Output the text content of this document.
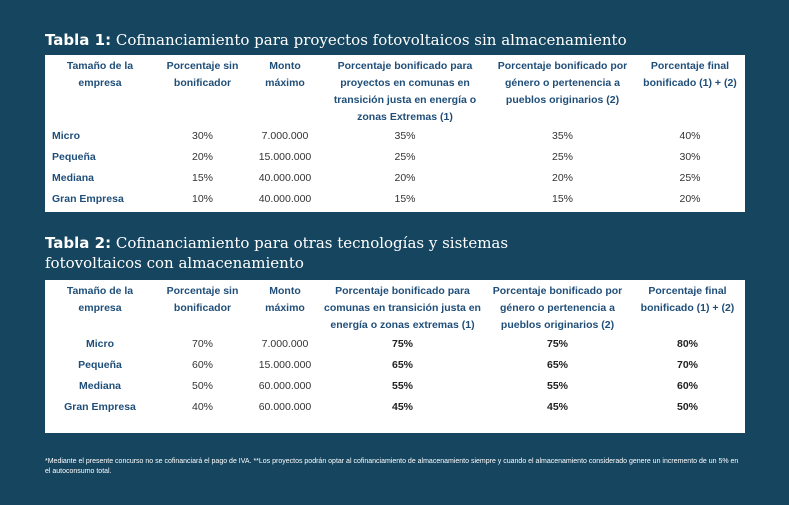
Tabla 1: Cofinanciamiento para proyectos fotovoltaicos sin almacenamiento
Tamaño de la empresa	Porcentaje sin bonificador	Monto máximo	Porcentaje bonificado para proyectos en comunas en transición justa en energía o zonas Extremas (1)	Porcentaje bonificado por género o pertenencia a pueblos originarios (2)	Porcentaje final bonificado (1) + (2)
Micro	30%	7.000.000	35%	35%	40%
Pequeña	20%	15.000.000	25%	25%	30%
Mediana	15%	40.000.000	20%	20%	25%
Gran Empresa	10%	40.000.000	15%	15%	20%
Tabla 2: Cofinanciamiento para otras tecnologías y sistemas fotovoltaicos con almacenamiento
Tamaño de la empresa	Porcentaje sin bonificador	Monto máximo	Porcentaje bonificado para comunas en transición justa en energía o zonas extremas (1)	Porcentaje bonificado por género o pertenencia a pueblos originarios (2)	Porcentaje final bonificado (1) + (2)
Micro	70%	7.000.000	75%	75%	80%
Pequeña	60%	15.000.000	65%	65%	70%
Mediana	50%	60.000.000	55%	55%	60%
Gran Empresa	40%	60.000.000	45%	45%	50%
*Mediante el presente concurso no se cofinanciará el pago de IVA. **Los proyectos podrán optar al cofinanciamiento de almacenamiento siempre y cuando el almacenamiento considerado genere un incremento de un 5% en el autoconsumo total.
